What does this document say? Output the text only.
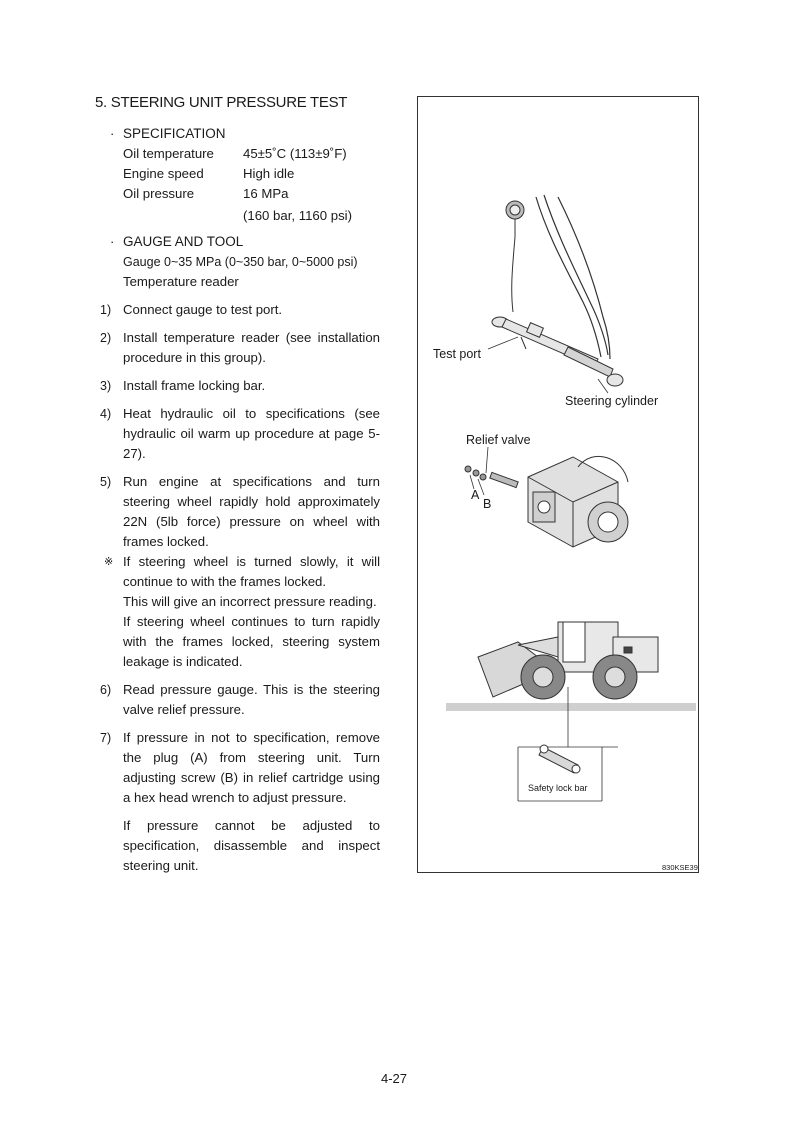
5. STEERING UNIT PRESSURE TEST
· SPECIFICATION
Oil temperature	45±5˚C (113±9˚F)
Engine speed	High idle
Oil pressure	16 MPa
(160 bar, 1160 psi)
· GAUGE AND TOOL
Gauge 0~35 MPa (0~350 bar, 0~5000 psi)
Temperature reader
1) Connect gauge to test port.
2) Install temperature reader (see installation procedure in this group).
3) Install frame locking bar.
4) Heat hydraulic oil to specifications (see hydraulic oil warm up procedure at page 5-27).
5) Run engine at specifications and turn steering wheel rapidly hold approximately 22N (5lb force) pressure on wheel with frames locked.
※ If steering wheel is turned slowly, it will continue to with the frames locked.
This will give an incorrect pressure reading.
If steering wheel continues to turn rapidly with the frames locked, steering system leakage is indicated.
6) Read pressure gauge. This is the steering valve relief pressure.
7) If pressure in not to specification, remove the plug (A) from steering unit. Turn adjusting screw (B) in relief cartridge using a hex head wrench to adjust pressure.
If pressure cannot be adjusted to specification, disassemble and inspect steering unit.
Test port
Steering cylinder
Relief valve
A
B
Safety lock bar
830KSE39
4-27
